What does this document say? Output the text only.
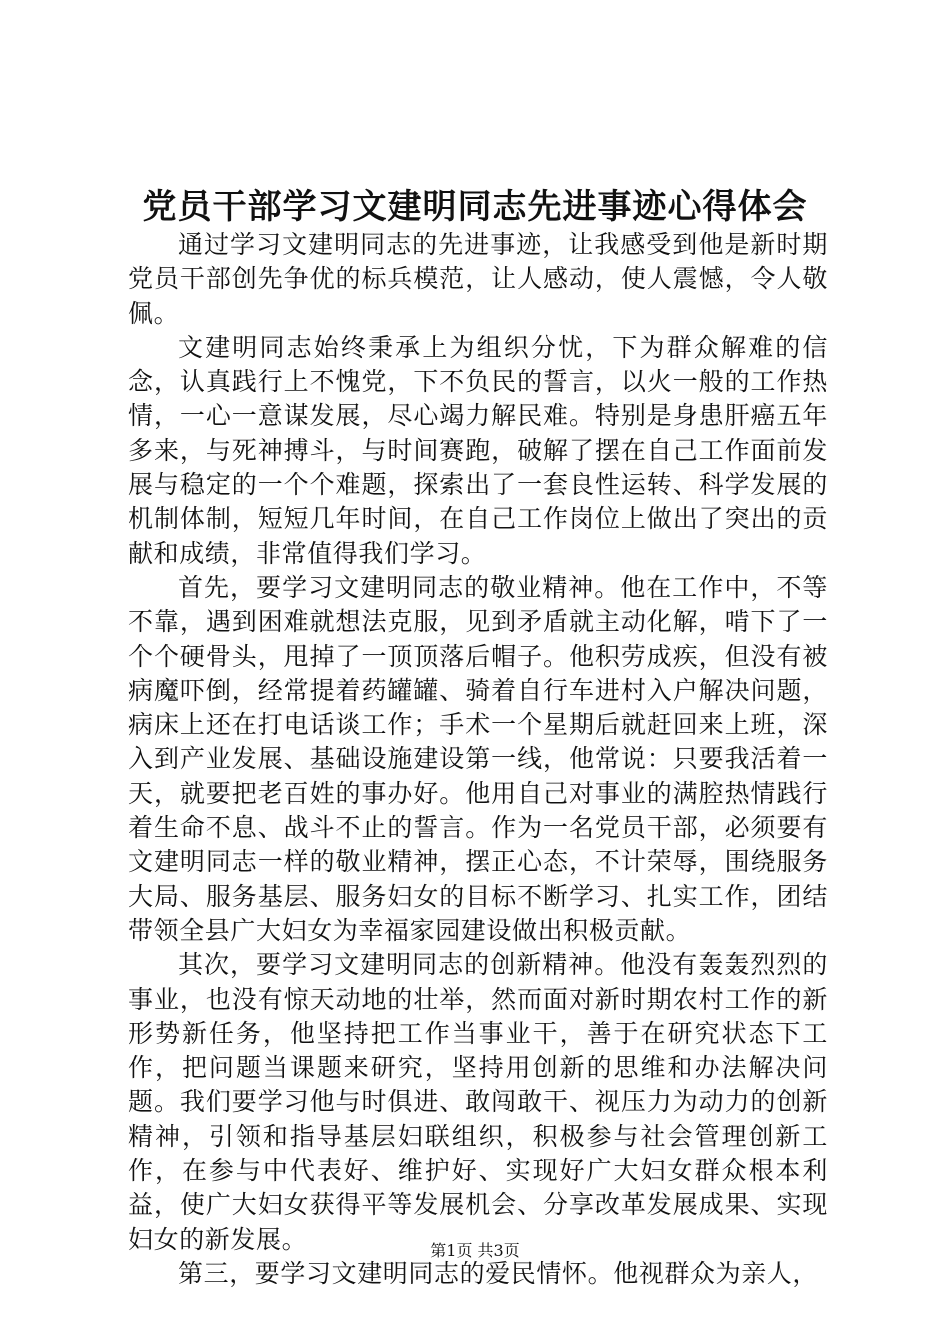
党员干部学习文建明同志先进事迹心得体会

通过学习文建明同志的先进事迹，让我感受到他是新时期党员干部创先争优的标兵模范，让人感动，使人震憾，令人敬佩。

文建明同志始终秉承上为组织分忧，下为群众解难的信念，认真践行上不愧党，下不负民的誓言，以火一般的工作热情，一心一意谋发展，尽心竭力解民难。特别是身患肝癌五年多来，与死神搏斗，与时间赛跑，破解了摆在自己工作面前发展与稳定的一个个难题，探索出了一套良性运转、科学发展的机制体制，短短几年时间，在自己工作岗位上做出了突出的贡献和成绩，非常值得我们学习。

首先，要学习文建明同志的敬业精神。他在工作中，不等不靠，遇到困难就想法克服，见到矛盾就主动化解，啃下了一个个硬骨头，甩掉了一顶顶落后帽子。他积劳成疾，但没有被病魔吓倒，经常提着药罐罐、骑着自行车进村入户解决问题，病床上还在打电话谈工作；手术一个星期后就赶回来上班，深入到产业发展、基础设施建设第一线，他常说：只要我活着一天，就要把老百姓的事办好。他用自己对事业的满腔热情践行着生命不息、战斗不止的誓言。作为一名党员干部，必须要有文建明同志一样的敬业精神，摆正心态，不计荣辱，围绕服务大局、服务基层、服务妇女的目标不断学习、扎实工作，团结带领全县广大妇女为幸福家园建设做出积极贡献。

其次，要学习文建明同志的创新精神。他没有轰轰烈烈的事业，也没有惊天动地的壮举，然而面对新时期农村工作的新形势新任务，他坚持把工作当事业干，善于在研究状态下工作，把问题当课题来研究，坚持用创新的思维和办法解决问题。我们要学习他与时俱进、敢闯敢干、视压力为动力的创新精神，引领和指导基层妇联组织，积极参与社会管理创新工作，在参与中代表好、维护好、实现好广大妇女群众根本利益，使广大妇女获得平等发展机会、分享改革发展成果、实现妇女的新发展。

第三，要学习文建明同志的爱民情怀。他视群众为亲人，

第1页 共3页
